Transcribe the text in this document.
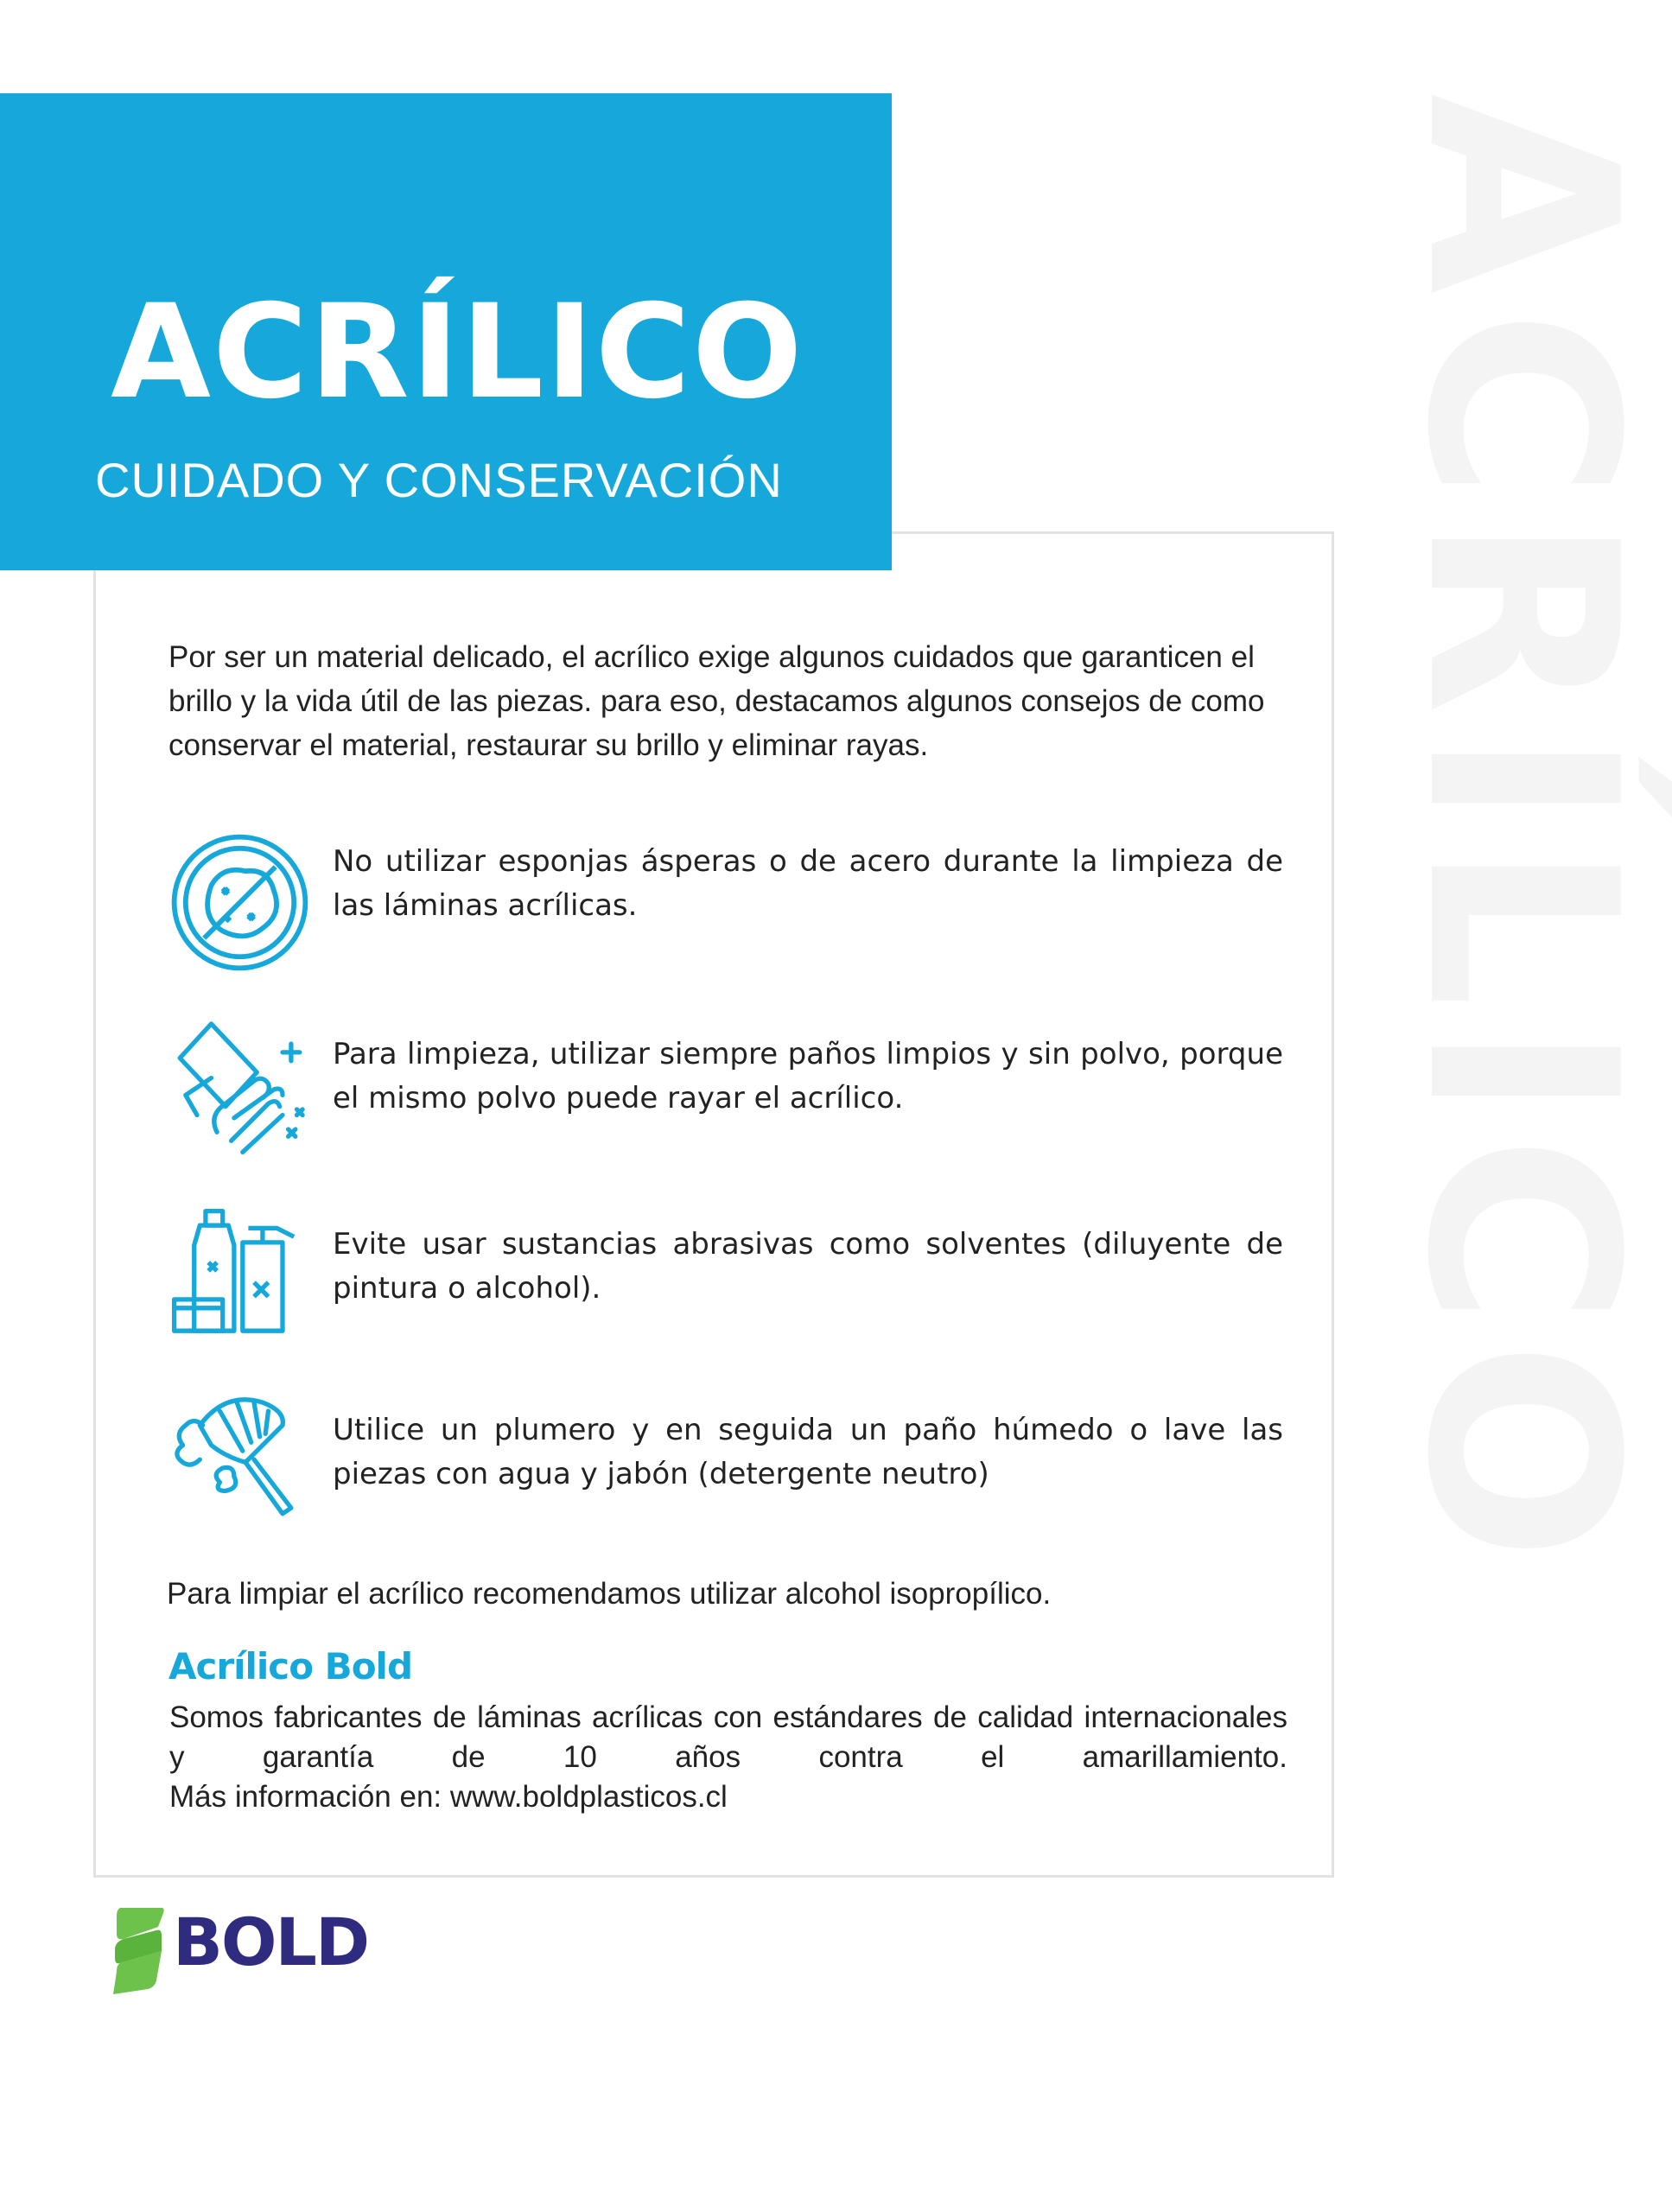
ACRÍLICO
ACRÍLICO
CUIDADO Y CONSERVACIÓN
Por ser un material delicado, el acrílico exige algunos cuidados que garanticen el brillo y la vida útil de las piezas. para eso, destacamos algunos consejos de como conservar el material, restaurar su brillo y eliminar rayas.
No utilizar esponjas ásperas o de acero durante la limpieza de las láminas acrílicas.
Para limpieza, utilizar siempre paños limpios y sin polvo, porque el mismo polvo puede rayar el acrílico.
Evite usar sustancias abrasivas como solventes (diluyente de pintura o alcohol).
Utilice un plumero y en seguida un paño húmedo o lave las piezas con agua y jabón (detergente neutro)
Para limpiar el acrílico recomendamos utilizar alcohol isopropílico.
Acrílico Bold
Somos fabricantes de láminas acrílicas con estándares de calidad internacionales y garantía de 10 años contra el amarillamiento.
Más información en: www.boldplasticos.cl
BOLD
